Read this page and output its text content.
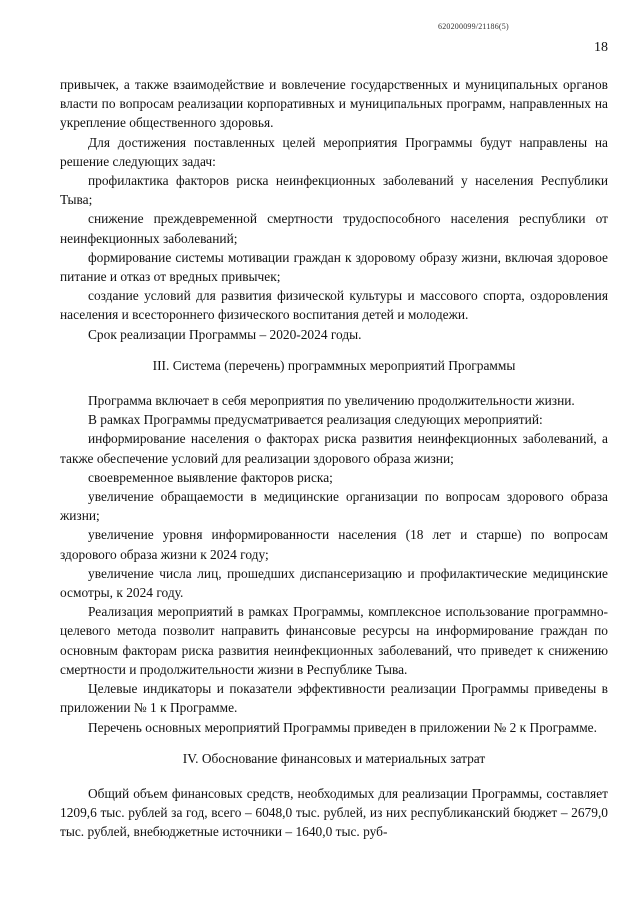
620200099/21186(5)
18

привычек, а также взаимодействие и вовлечение государственных и муниципальных органов власти по вопросам реализации корпоративных и муниципальных программ, направленных на укрепление общественного здоровья.

Для достижения поставленных целей мероприятия Программы будут направлены на решение следующих задач:

профилактика факторов риска неинфекционных заболеваний у населения Республики Тыва;

снижение преждевременной смертности трудоспособного населения республики от неинфекционных заболеваний;

формирование системы мотивации граждан к здоровому образу жизни, включая здоровое питание и отказ от вредных привычек;

создание условий для развития физической культуры и массового спорта, оздоровления населения и всестороннего физического воспитания детей и молодежи.

Срок реализации Программы – 2020-2024 годы.

III. Система (перечень) программных мероприятий Программы

Программа включает в себя мероприятия по увеличению продолжительности жизни.

В рамках Программы предусматривается реализация следующих мероприятий:

информирование населения о факторах риска развития неинфекционных заболеваний, а также обеспечение условий для реализации здорового образа жизни;

своевременное выявление факторов риска;

увеличение обращаемости в медицинские организации по вопросам здорового образа жизни;

увеличение уровня информированности населения (18 лет и старше) по вопросам здорового образа жизни к 2024 году;

увеличение числа лиц, прошедших диспансеризацию и профилактические медицинские осмотры, к 2024 году.

Реализация мероприятий в рамках Программы, комплексное использование программно-целевого метода позволит направить финансовые ресурсы на информирование граждан по основным факторам риска развития неинфекционных заболеваний, что приведет к снижению смертности и продолжительности жизни в Республике Тыва.

Целевые индикаторы и показатели эффективности реализации Программы приведены в приложении № 1 к Программе.

Перечень основных мероприятий Программы приведен в приложении № 2 к Программе.

IV. Обоснование финансовых и материальных затрат

Общий объем финансовых средств, необходимых для реализации Программы, составляет 1209,6 тыс. рублей за год, всего – 6048,0 тыс. рублей, из них республиканский бюджет – 2679,0 тыс. рублей, внебюджетные источники – 1640,0 тыс. руб-
